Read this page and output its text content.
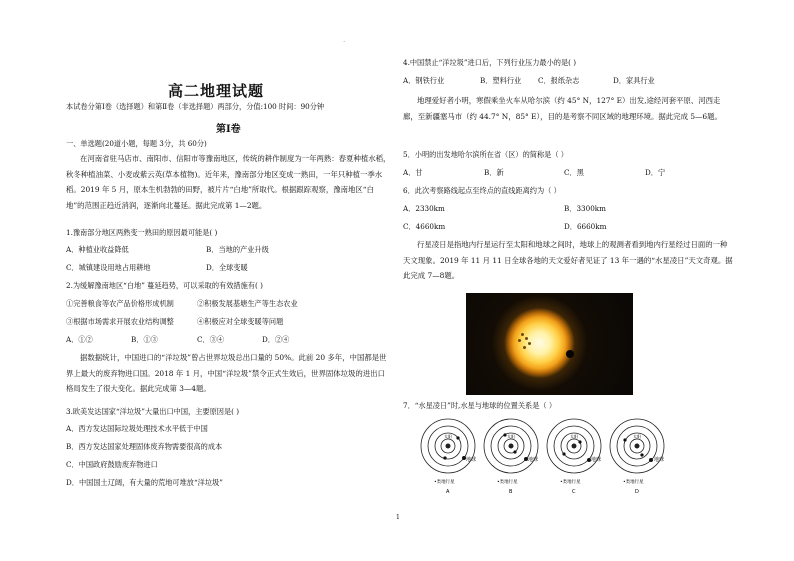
·
高二地理试题
本试卷分第Ⅰ卷（选择题）和第Ⅱ卷（非选择题）两部分，分值:100 时间：90分钟
第Ⅰ卷
一、单选题(20道小题，每题 3分，共 60分)
在河南省驻马店市、南阳市、信阳市等豫南地区，传统的耕作制度为一年两熟：春夏种植水稻，秋冬种植油菜、小麦或紫云英(草本植物)。近年来，豫南部分地区变成一熟田，一年只种植一季水稻。2019 年 5 月，原本生机勃勃的田野，被片片“白地”所取代。根据跟踪观察，豫南地区“白地”的范围正趋近消润，逐渐向北蔓延。据此完成第 1—2题。
1.豫南部分地区两熟变一熟田的原因最可能是( )
A．种植业收益降低	B．当地的产业升级
C．城镇建设用地占用耕地	D．全球变暖
2.为缓解豫南地区“白地” 蔓延趋势，可以采取的有效措施有( )
①完善粮食等农产品价格形成机制	②积极发展基塘生产等生态农业
③根据市场需求开展农业结构调整	④积极应对全球变暖等问题
A．①②	B．①③	C．③④	D．②④
据数据统计，中国进口的“洋垃圾”曾占世界垃圾总出口量的 50%。此前 20 多年，中国都是世界上最大的废弃物进口国。2018 年 1 月，中国“洋垃圾”禁令正式生效后，世界固体垃圾的进出口格局发生了很大变化。据此完成第 3—4题。
3.欧美发达国家“洋垃圾”大量出口中国，主要原因是( )
A．西方发达国际垃圾处理技术水平低于中国
B．西方发达国家处理固体废弃物需要很高的成本
C．中国政府鼓励废弃物进口
D．中国国土辽阔，有大量的荒地可堆放“洋垃圾”
4.中国禁止“洋垃圾”进口后，下列行业压力最小的是( )
A．钢铁行业	B．塑料行业 C．报纸杂志	D．家具行业
地理爱好者小明，寒假乘坐火车从哈尔滨（约 45° N，127° E）出发,途经河套平原、河西走廊，至新疆塞马市（约 44.7° N，85° E），目的是考察不同区域的地理环境。据此完成 5—6题。
5．小明的出发地哈尔滨所在省（区）的简称是（ ）
A．甘	B．新	C．黑	D．宁
6．此次考察路线起点至终点的直线距离约为（ ）
A．2330km	B．3300km
C．4660km	D．6660km
行星凌日是指地内行星运行至太阳和地球之间时，地球上的观测者看到地内行星经过日面的一种天文现象。2019 年 11 月 11 日全球各地的天文爱好者见证了 13 年一遇的“水星凌日”天文奇观。据此完成 7—8题。
7．“水星凌日”时,水星与地球的位置关系是（ ）
太阳	太阳	太阳	太阳
地球	地球	地球	地球
•类地行星	•类地行星	•类地行星	•类地行星
A	B	C	D
1
